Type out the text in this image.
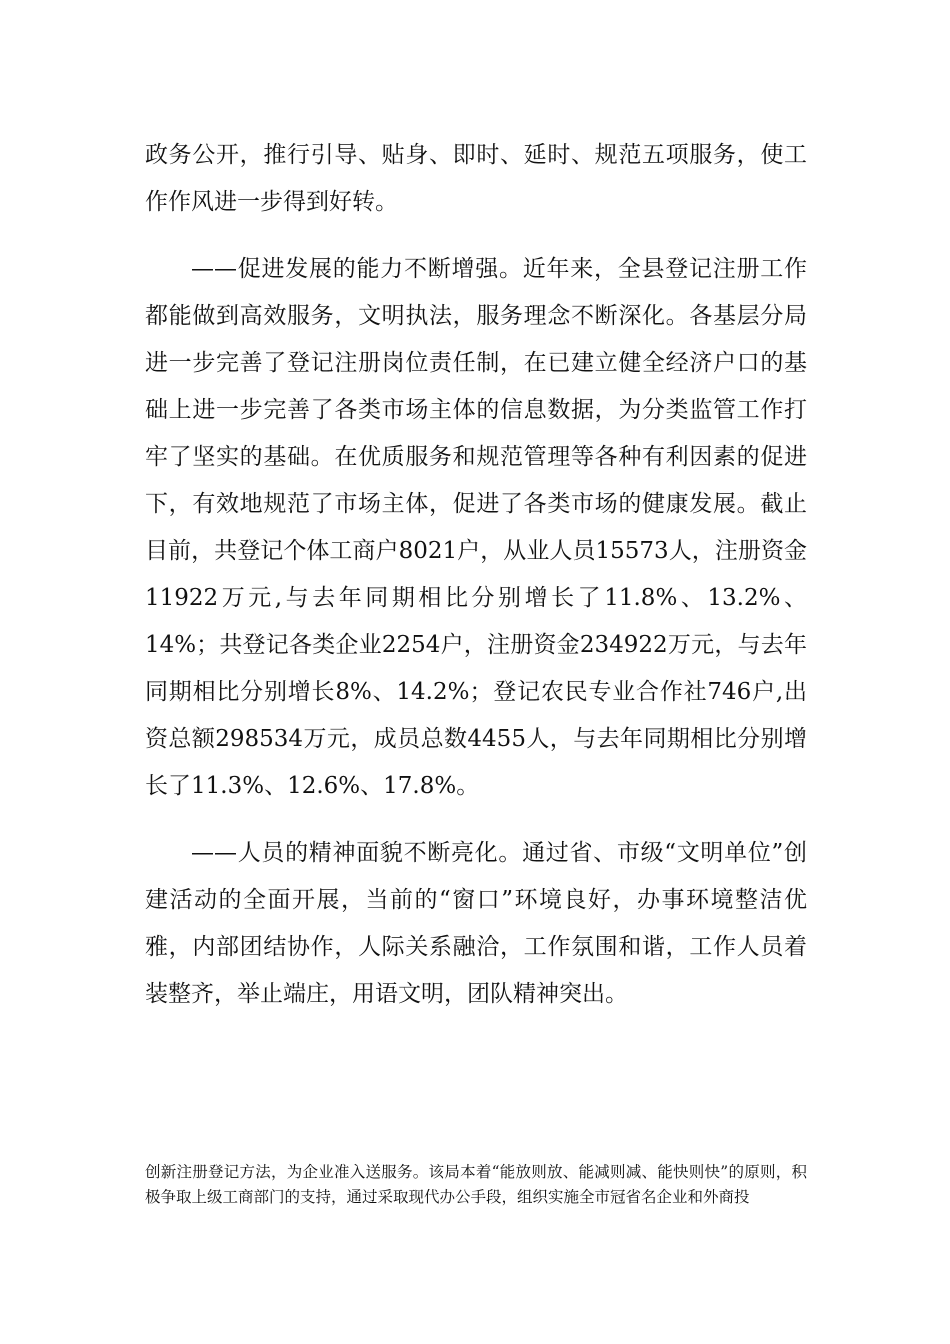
政务公开，推行引导、贴身、即时、延时、规范五项服务，使工作作风进一步得到好转。

——促进发展的能力不断增强。近年来，全县登记注册工作都能做到高效服务，文明执法，服务理念不断深化。各基层分局进一步完善了登记注册岗位责任制，在已建立健全经济户口的基础上进一步完善了各类市场主体的信息数据，为分类监管工作打牢了坚实的基础。在优质服务和规范管理等各种有利因素的促进下，有效地规范了市场主体，促进了各类市场的健康发展。截止目前，共登记个体工商户8021户，从业人员15573人，注册资金11922万元,与去年同期相比分别增长了11.8%、13.2%、14%；共登记各类企业2254户，注册资金234922万元，与去年同期相比分别增长8%、14.2%；登记农民专业合作社746户,出资总额298534万元，成员总数4455人，与去年同期相比分别增长了11.3%、12.6%、17.8%。

——人员的精神面貌不断亮化。通过省、市级“文明单位”创建活动的全面开展，当前的“窗口”环境良好，办事环境整洁优雅，内部团结协作，人际关系融洽，工作氛围和谐，工作人员着装整齐，举止端庄，用语文明，团队精神突出。

创新注册登记方法，为企业准入送服务。该局本着“能放则放、能减则减、能快则快”的原则，积极争取上级工商部门的支持，通过采取现代办公手段，组织实施全市冠省名企业和外商投
